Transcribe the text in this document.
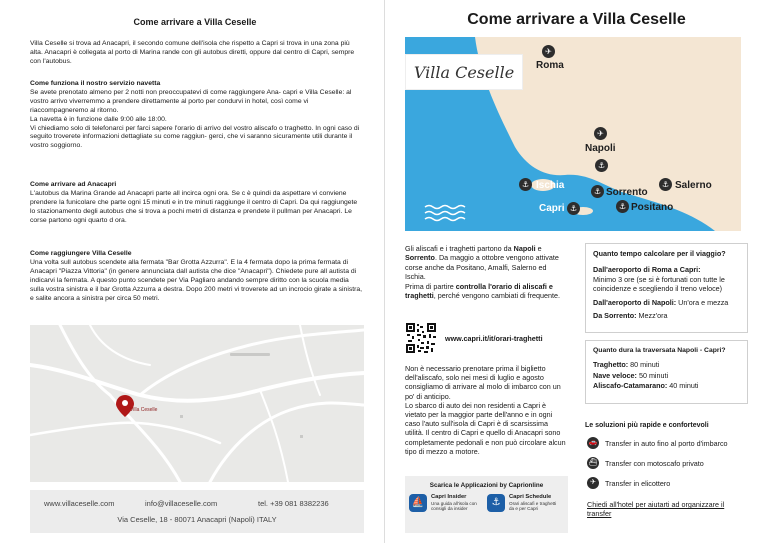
Come arrivare a Villa Ceselle
Villa Ceselle si trova ad Anacapri, il secondo comune dell'isola che rispetto a Capri si trova in una zona più alta. Anacapri è collegata al porto di Marina rande con gli autobus diretti, oppure dal centro di Capri, sempre con l'autobus.
Come funziona il nostro servizio navetta
Se avete prenotato almeno per 2 notti non preoccupatevi di come raggiungere Ana- capri e Villa Ceselle: al vostro arrivo viverremmo a prendere direttamente al porto per condurvi in hotel, così come vi riaccompagneremo al ritorno.
La navetta è in funzione dalle 9:00 alle 18:00.
Vi chiediamo solo di telefonarci per farci sapere l'orario di arrivo del vostro aliscafo o traghetto. In ogni caso di seguito troverete informazioni dettagliate su come raggiun- gerci, che vi saranno sicuramente utili durante il vostro soggiorno.
Come arrivare ad Anacapri
L'autobus da Marina Grande ad Anacapri parte all incirca ogni ora. Se c è quindi da aspettare vi conviene prendere la funicolare che parte ogni 15 minuti e in tre minuti raggiunge il centro di Capri. Da qui raggiungete lo stazionamento degli autobus che si trova a pochi metri di distanza e prendete il pullman per Anacapri. Le corse partono ogni quarto d ora.
Come raggiungere Villa Ceselle
Una volta sull autobus scendete alla fermata "Bar Grotta Azzurra". E la 4 fermata dopo la prima fermata di Anacapri "Piazza Vittoria" (in genere annunciata dall autista che dice "Anacapri"). Chiedete pure all autista di indicarvi la fermata. A questo punto scendete per Via Pagliaro andando sempre diritto con la scuola media sulla vostra sinistra e il bar Grotta Azzurra a destra. Dopo 200 metri vi troverete ad un incrocio girate a sinistra, e salite ancora a sinistra per circa 50 metri.
Villa Ceselle
www.villaceselle.com	info@villaceselle.com	tel. +39 081 8382236
Via Ceselle, 18 - 80071 Anacapri (Napoli) ITALY
Come arrivare a Villa Ceselle
Villa Ceselle
✈
Roma
✈
Napoli
⚓
⚓ Ischia
⚓ Sorrento
⚓ Salerno
Capri ⚓	⚓ Positano
Gli aliscafi e i traghetti partono da Napoli e Sorrento. Da maggio a ottobre vengono attivate corse anche da Positano, Amalfi, Salerno ed Ischia.
Prima di partire controlla l'orario di aliscafi e traghetti, perché vengono cambiati di frequente.
www.capri.it/it/orari-traghetti
Non è necessario prenotare prima il biglietto dell'aliscafo, solo nei mesi di luglio e agosto consigliamo di arrivare al molo di imbarco con un po' di anticipo.
Lo sbarco di auto dei non residenti a Capri è vietato per la maggior parte dell'anno e in ogni caso l'auto sull'isola di Capri è di scarsissima utilità. Il centro di Capri e quello di Anacapri sono completamente pedonali e non può circolare alcun tipo di mezzo a motore.
Scarica le Applicazioni by Caprionline
⛵	Capri Insider
Una guida all'isola con consigli da insider
⚓	Capri Schedule
Orari aliscafi e traghetti da e per Capri
Quanto tempo calcolare per il viaggio?
Dall'aeroporto di Roma a Capri:
Minimo 3 ore (se si è fortunati con tutte le coincidenze e scegliendo il treno veloce)
Dall'aeroporto di Napoli: Un'ora e mezza
Da Sorrento: Mezz'ora
Quanto dura la traversata Napoli - Capri?
Traghetto: 80 minuti
Nave veloce: 50 minuti
Aliscafo-Catamarano: 40 minuti
Le soluzioni più rapide e confortevoli
🚗 Transfer in auto fino al porto d'imbarco
⛴ Transfer con motoscafo privato
✈	Transfer in elicottero
Chiedi all'hotel per aiutarti ad organizzare il transfer
